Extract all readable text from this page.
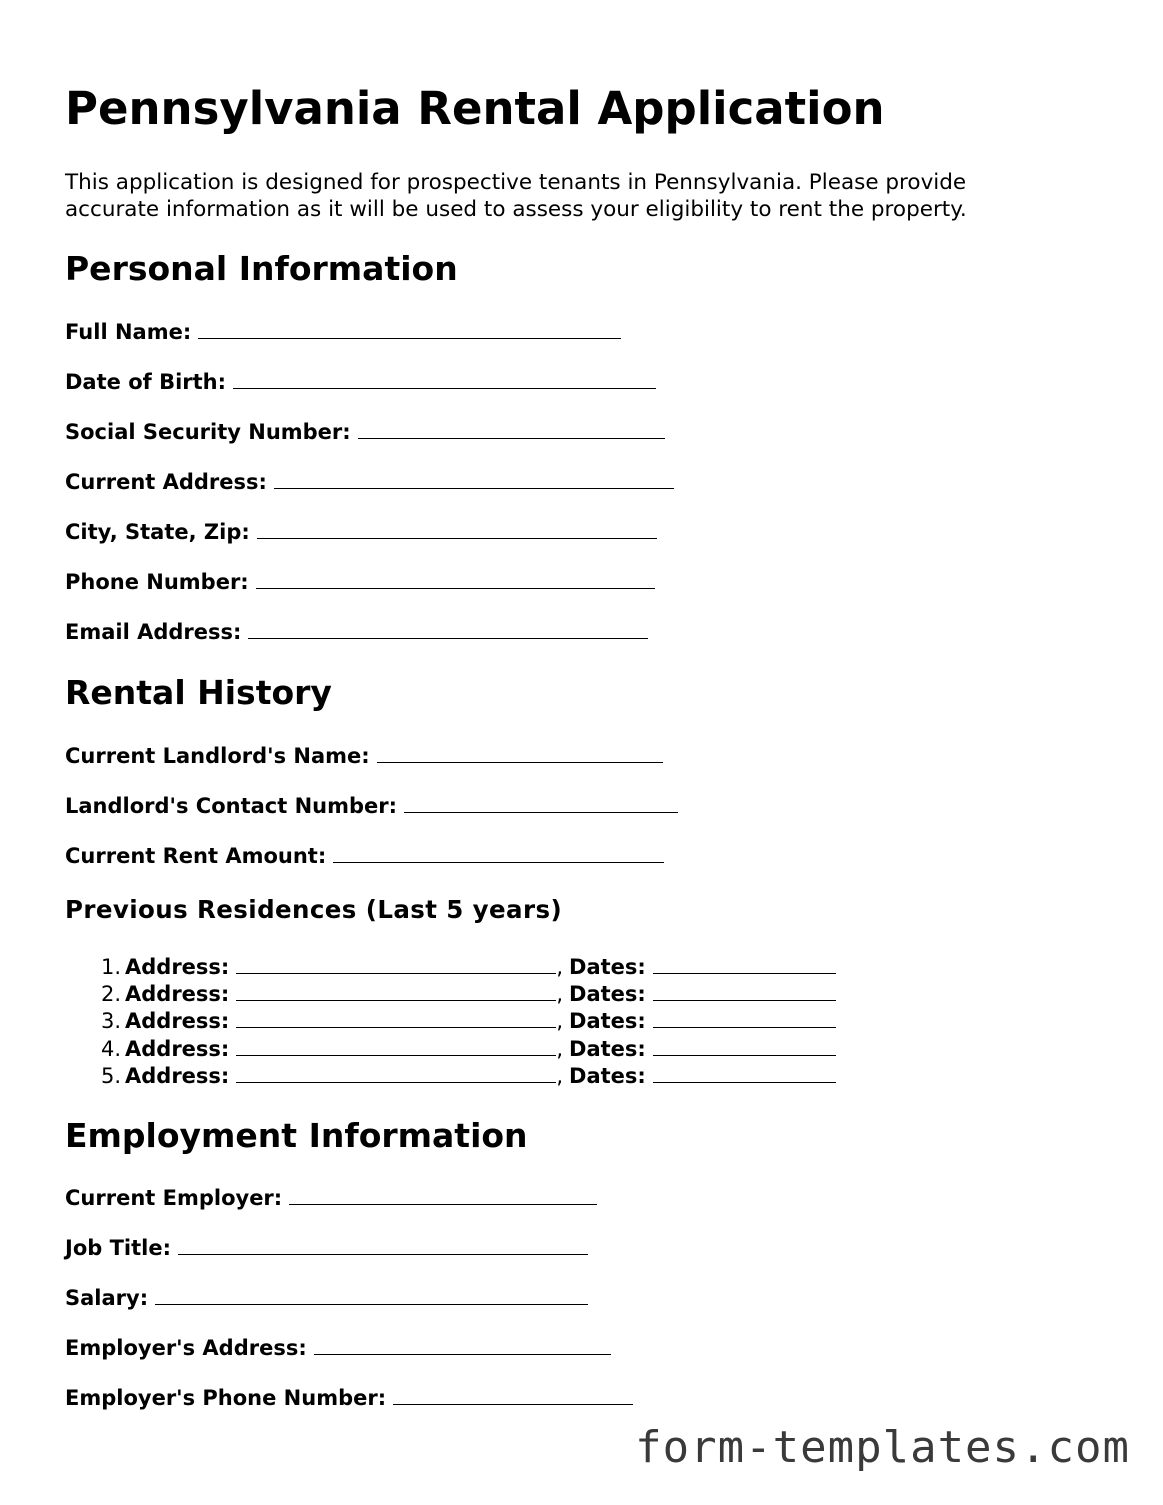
Pennsylvania Rental Application

This application is designed for prospective tenants in Pennsylvania. Please provide accurate information as it will be used to assess your eligibility to rent the property.

Personal Information
Full Name:
Date of Birth:
Social Security Number:
Current Address:
City, State, Zip:
Phone Number:
Email Address:
Rental History
Current Landlord's Name:
Landlord's Contact Number:
Current Rent Amount:
Previous Residences (Last 5 years)
1. Address:	, Dates:
2. Address:	, Dates:
3. Address:	, Dates:
4. Address:	, Dates:
5. Address:	, Dates:
Employment Information
Current Employer:
Job Title:
Salary:
Employer's Address:
Employer's Phone Number:
form-templates.com
